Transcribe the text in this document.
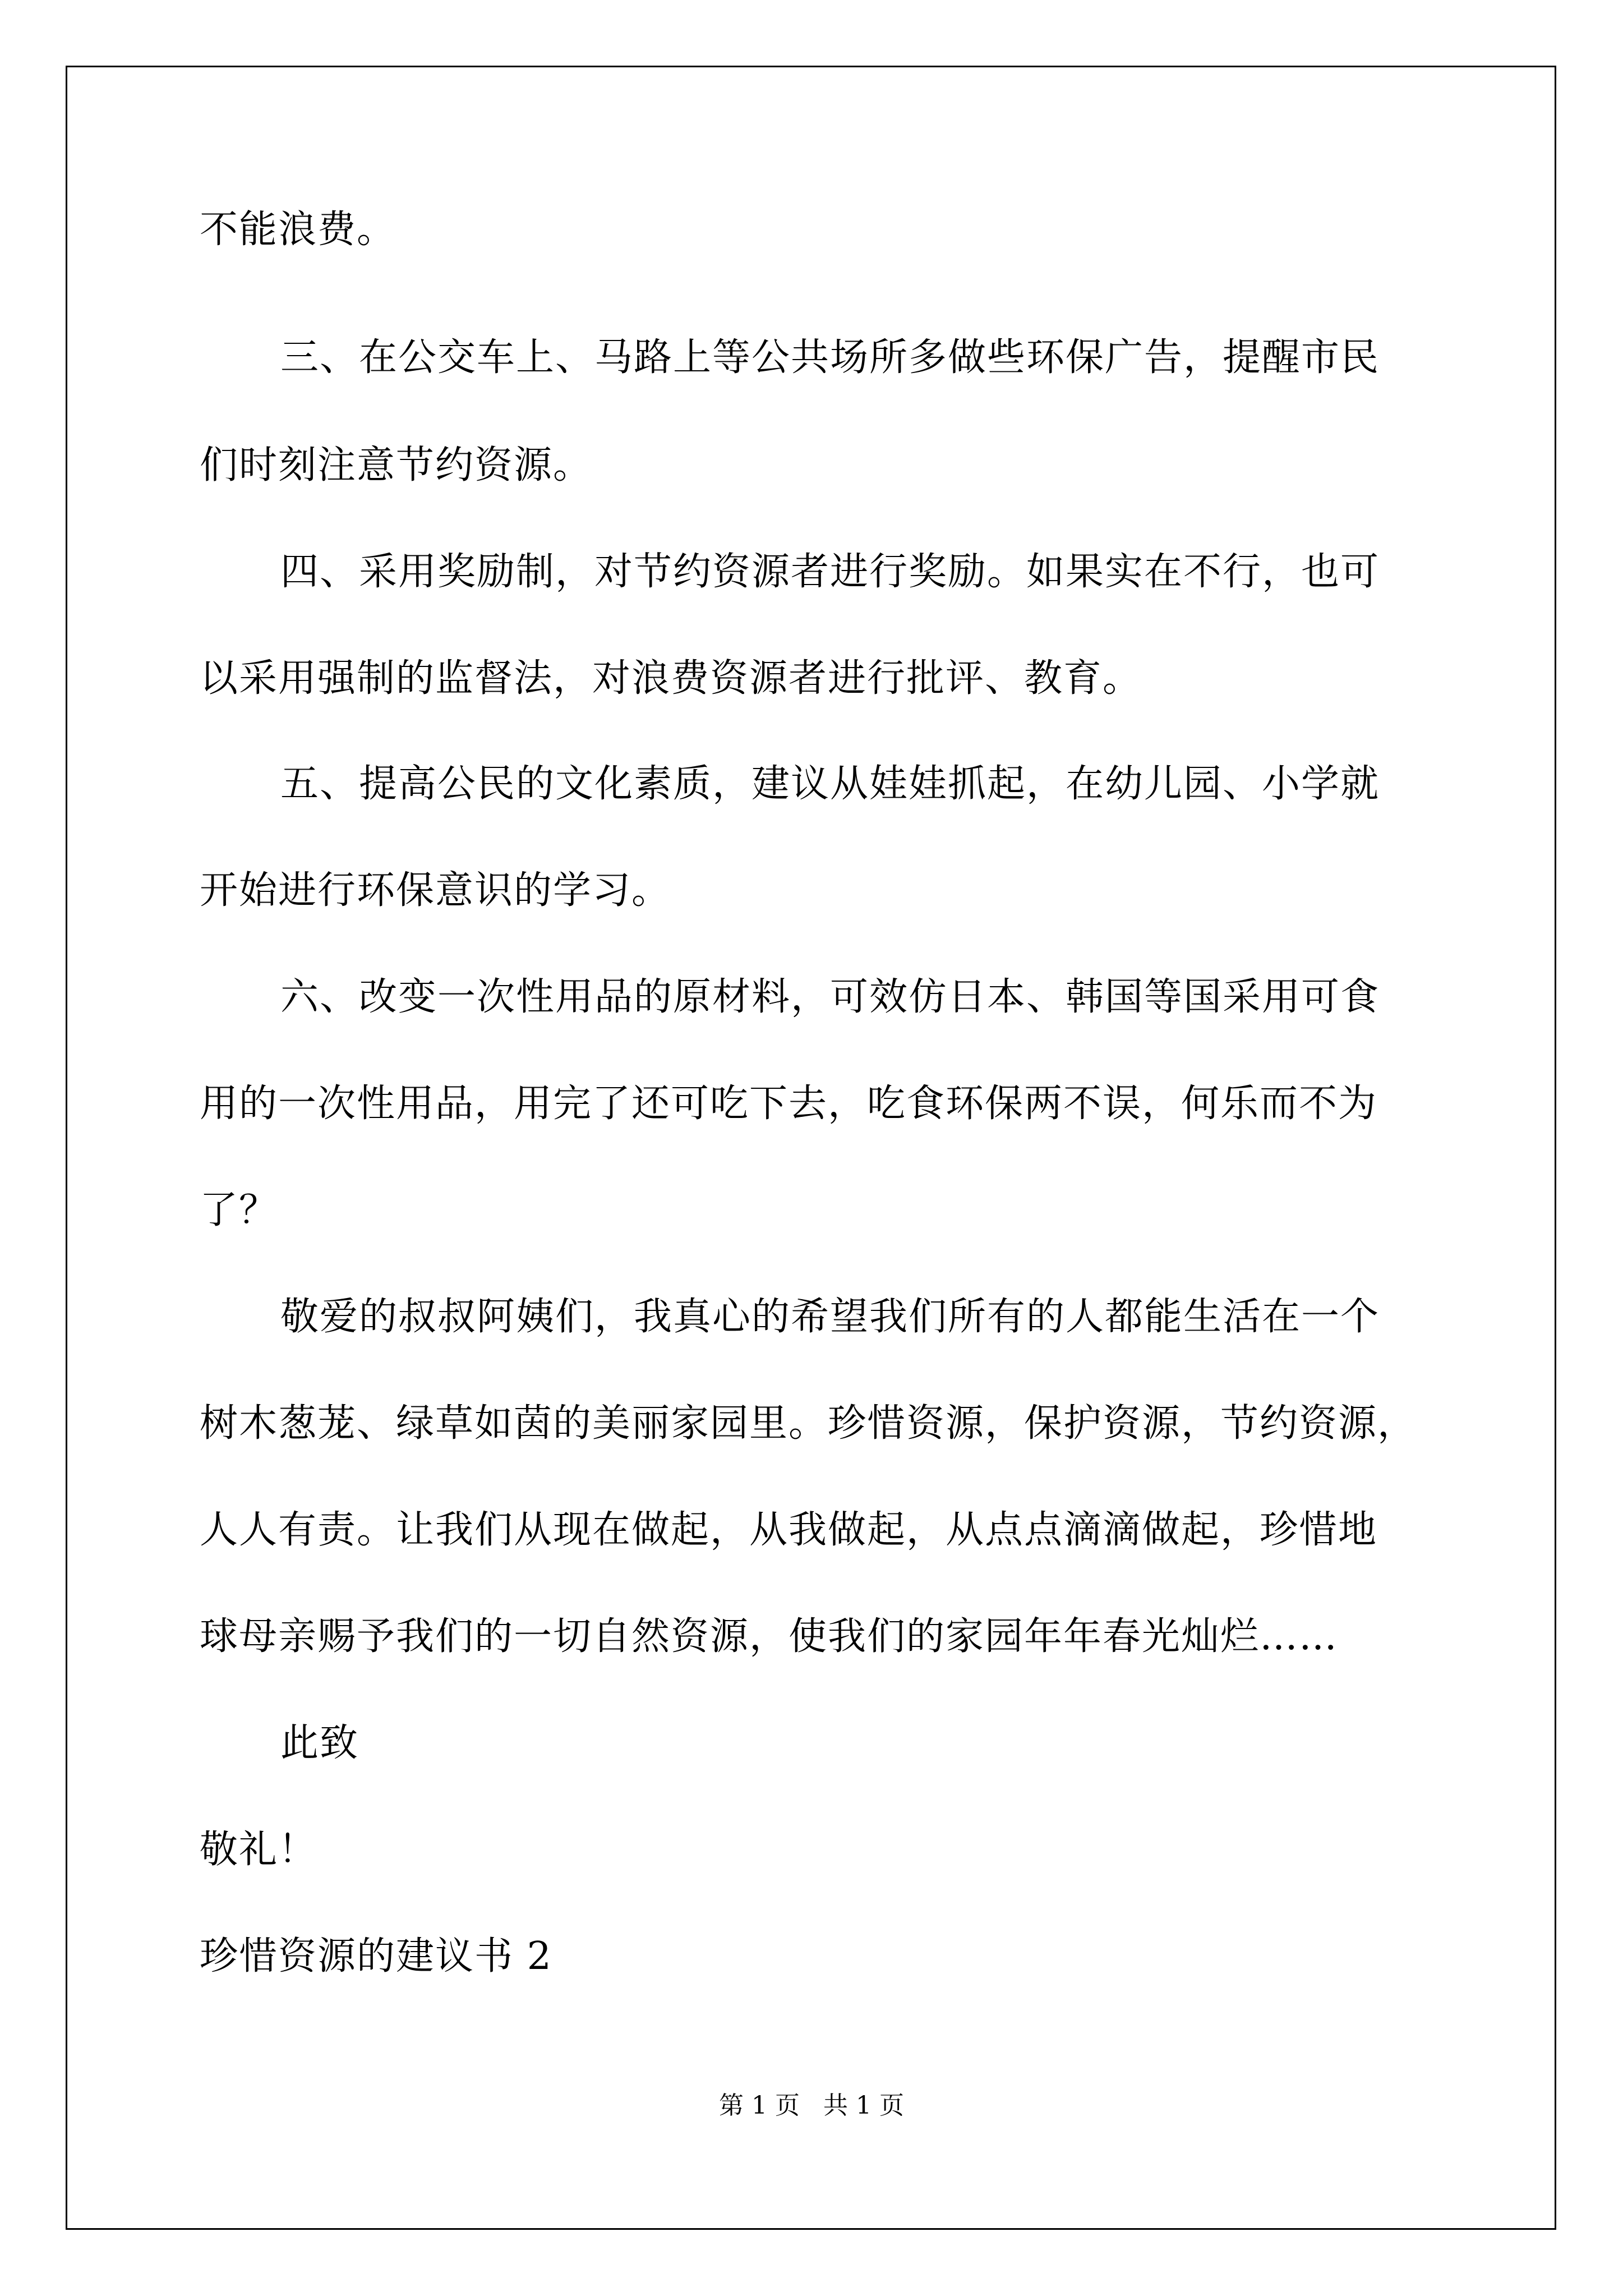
不能浪费。
三、在公交车上、马路上等公共场所多做些环保广告，提醒市民
们时刻注意节约资源。
四、采用奖励制，对节约资源者进行奖励。如果实在不行，也可
以采用强制的监督法，对浪费资源者进行批评、教育。
五、提高公民的文化素质，建议从娃娃抓起，在幼儿园、小学就
开始进行环保意识的学习。
六、改变一次性用品的原材料，可效仿日本、韩国等国采用可食
用的一次性用品，用完了还可吃下去，吃食环保两不误，何乐而不为
了？
敬爱的叔叔阿姨们，我真心的希望我们所有的人都能生活在一个
树木葱茏、绿草如茵的美丽家园里。珍惜资源，保护资源，节约资源，
人人有责。让我们从现在做起，从我做起，从点点滴滴做起，珍惜地
球母亲赐予我们的一切自然资源，使我们的家园年年春光灿烂……
此致
敬礼！
珍惜资源的建议书 2
第 1 页   共 1 页
